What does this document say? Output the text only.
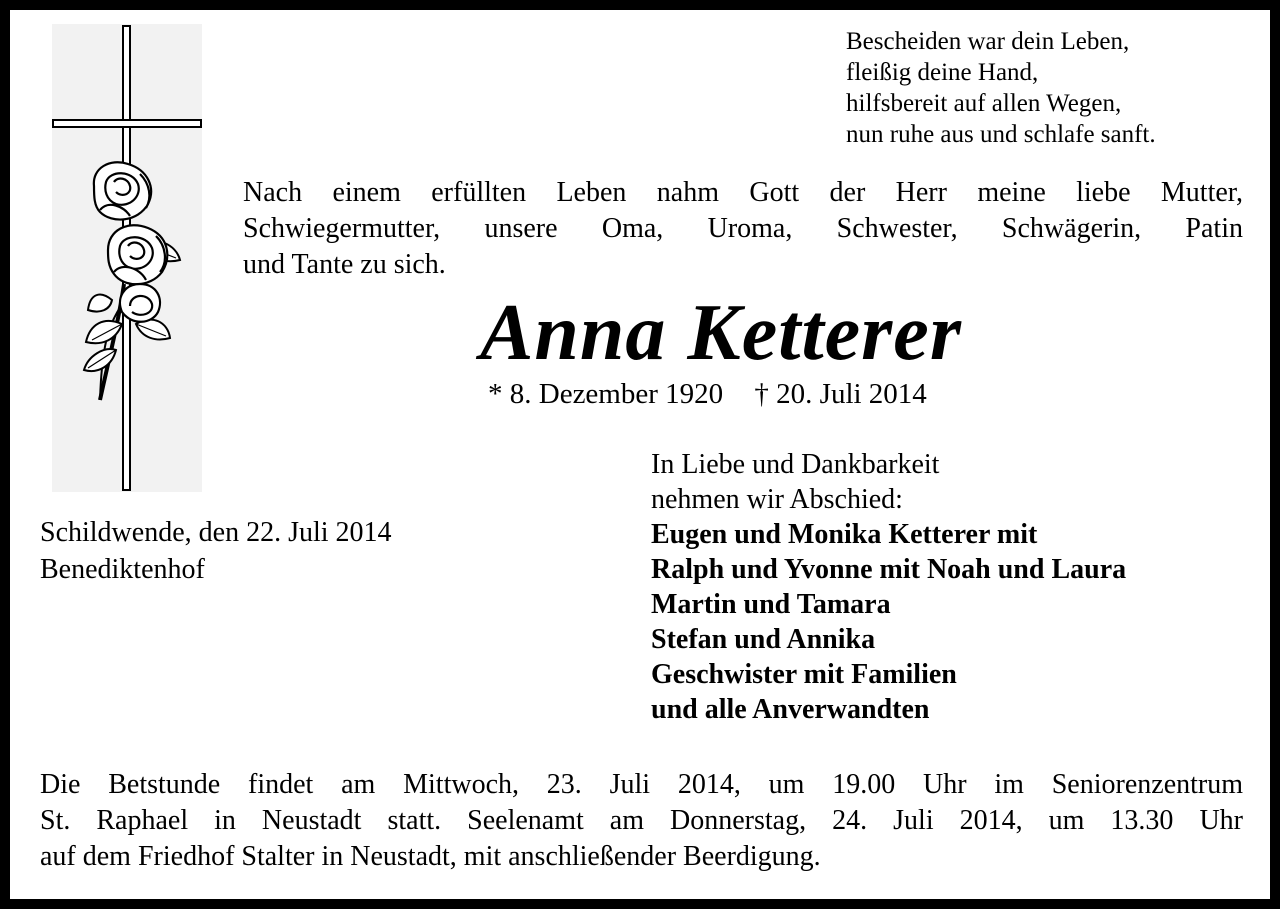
Bescheiden war dein Leben,
fleißig deine Hand,
hilfsbereit auf allen Wegen,
nun ruhe aus und schlafe sanft.
Nach einem erfüllten Leben nahm Gott der Herr meine liebe Mutter,
Schwiegermutter, unsere Oma, Uroma, Schwester, Schwägerin, Patin
und Tante zu sich.
Anna Ketterer
* 8. Dezember 1920 † 20. Juli 2014
Schildwende, den 22. Juli 2014
Benediktenhof
In Liebe und Dankbarkeit
nehmen wir Abschied:
Eugen und Monika Ketterer mit
Ralph und Yvonne mit Noah und Laura
Martin und Tamara
Stefan und Annika
Geschwister mit Familien
und alle Anverwandten
Die Betstunde findet am Mittwoch, 23. Juli 2014, um 19.00 Uhr im Seniorenzentrum
St. Raphael in Neustadt statt. Seelenamt am Donnerstag, 24. Juli 2014, um 13.30 Uhr
auf dem Friedhof Stalter in Neustadt, mit anschließender Beerdigung.
